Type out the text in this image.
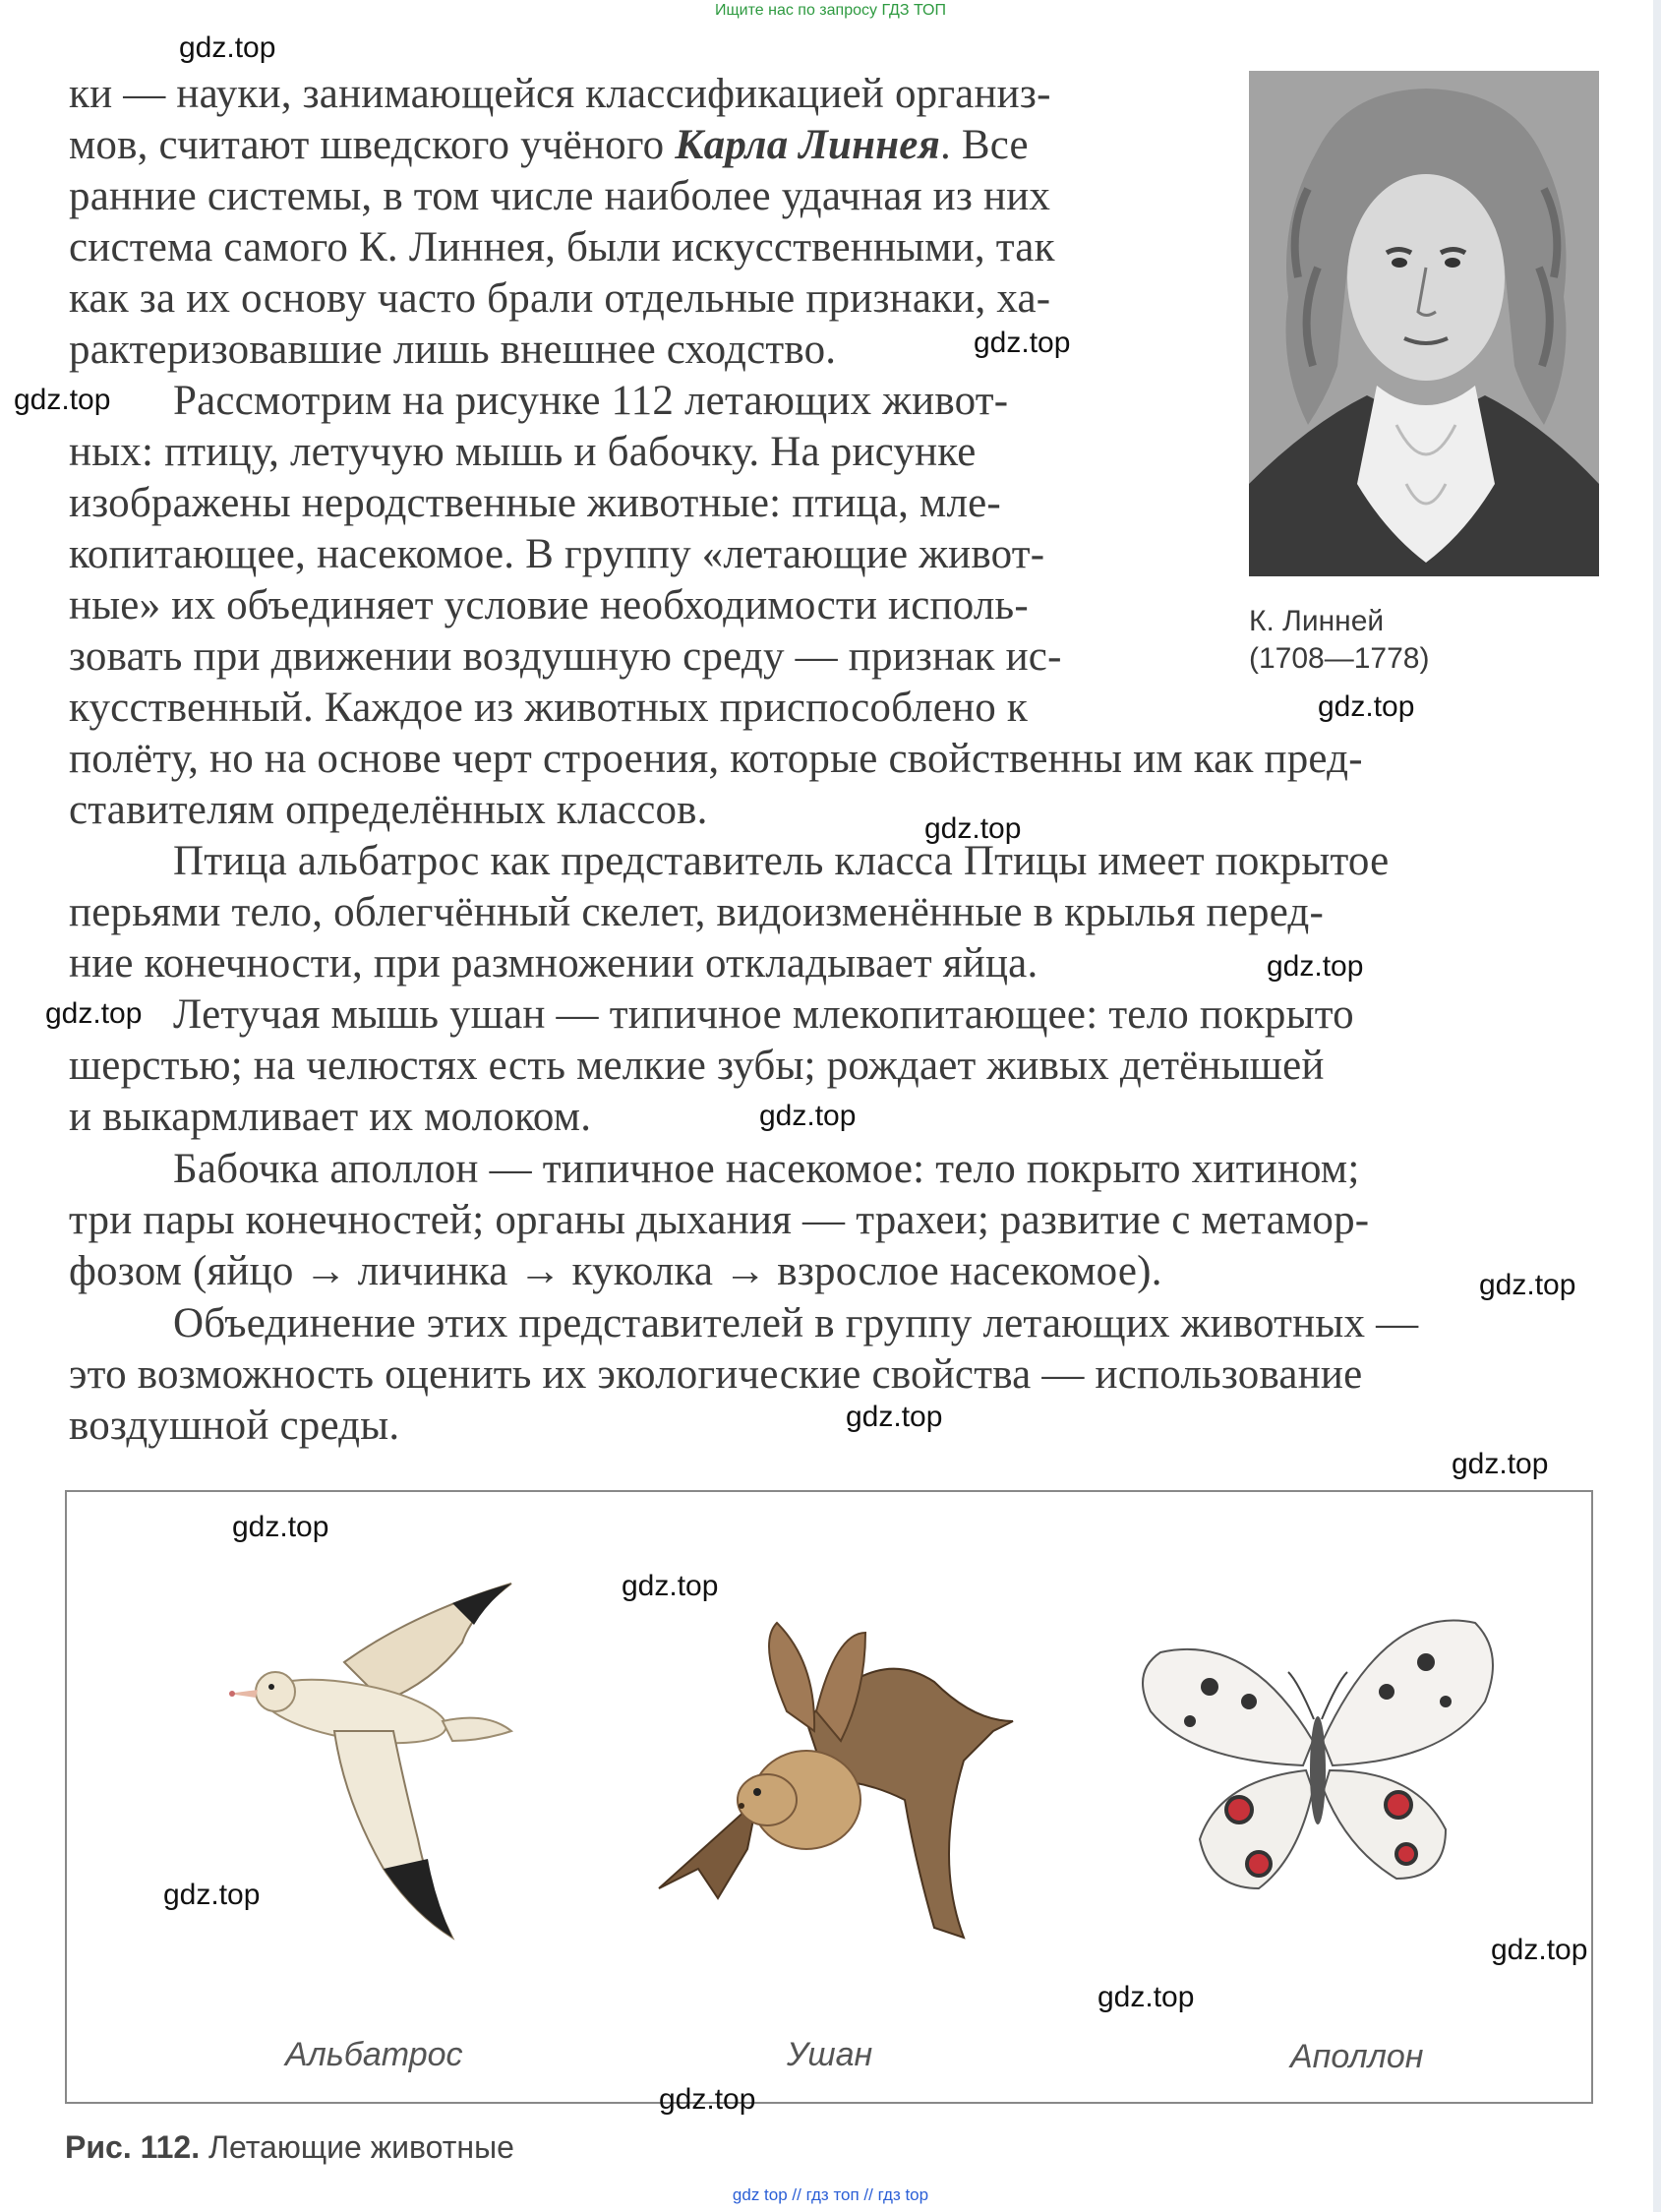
Ищите нас по запросу ГДЗ ТОП
ки — науки, занимающейся классификацией организ-
мов, считают шведского учёного Карла Линнея. Все
ранние системы, в том числе наиболее удачная из них
система самого К. Линнея, были искусственными, так
как за их основу часто брали отдельные признаки, ха-
рактеризовавшие лишь внешнее сходство.
Рассмотрим на рисунке 112 летающих живот-
ных: птицу, летучую мышь и бабочку. На рисунке
изображены неродственные животные: птица, мле-
копитающее, насекомое. В группу «летающие живот-
ные» их объединяет условие необходимости исполь-
зовать при движении воздушную среду — признак ис-
кусственный. Каждое из животных приспособлено к
полёту, но на основе черт строения, которые свойственны им как пред-
ставителям определённых классов.
Птица альбатрос как представитель класса Птицы имеет покрытое
перьями тело, облегчённый скелет, видоизменённые в крылья перед-
ние конечности, при размножении откладывает яйца.
Летучая мышь ушан — типичное млекопитающее: тело покрыто
шерстью; на челюстях есть мелкие зубы; рождает живых детёнышей
и выкармливает их молоком.
Бабочка аполлон — типичное насекомое: тело покрыто хитином;
три пары конечностей; органы дыхания — трахеи; развитие с метамор-
фозом (яйцо → личинка → куколка → взрослое насекомое).
Объединение этих представителей в группу летающих животных —
это возможность оценить их экологические свойства — использование
воздушной среды.
К. Линней
(1708—1778)
Альбатрос	Ушан	Аполлон
Рис. 112. Летающие животные
gdz.top
gdz.top
gdz.top
gdz.top
gdz.top
gdz.top
gdz.top
gdz.top
gdz.top
gdz.top
gdz.top
gdz.top
gdz.top
gdz.top
gdz.top
gdz.top
gdz.top
gdz top // гдз топ // гдз top
